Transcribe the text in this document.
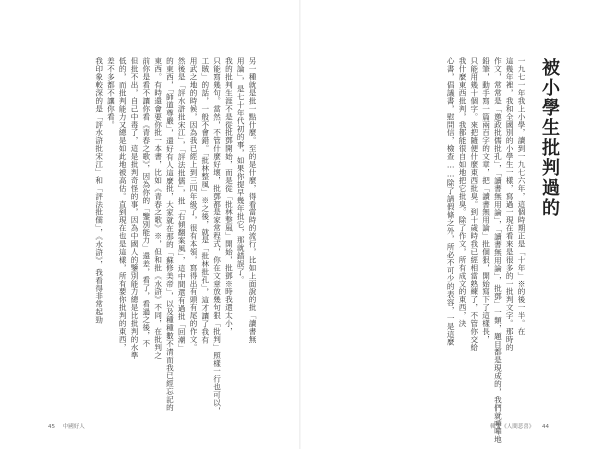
另一種就是批一點什麼。至的是什麼，得看當時的流行，比如上面說的批「讀書無

用論」，是七十年代初的事，如果你提早幾年批它，那就錯誤了。

我的批判生涯不是從批鄧開始，而是從「批林整風」開始，批鄧※時我還太小，

只能寫幾句。當然，不管什麼好壞，批鄧都是家常程式，你在文章放幾句狠「批判」照樣一行也可以，

工賊」的話，一般不會錯。「批林整風」※之後，就是「批林批孔」，這才讓了我有

用武之地的時候，因為我已經上到三四年級了，很有本領，寫得出有頭有尾的作文。

然後是「評水滸批宋江」，「評法批儒」，批「右傾翻案風」，這中間還有過批「回潮」

的東西，「師道尊嚴」，還好有人這麼批，大家就在那的「蘇修美帝」，以及種種數不清而我已經忘記的

東西。有時還會要你批一本書，比如《青春之歌》※，但和批《水滸》不同，在批判之

前你是看不讓你看《青春之歌》，因為你的「鑒別能力」還差，看了，看過之後，不

但批不出，自己中毒了，這是批判奇怪的事，因為中國人的鑒別能力總是比批判的水準

低的，而批判能力又總是如此地被高估。直到現在也是這樣，所有要你批判的東西，

差不多都不讓你看。

我印象較深的是「評水滸批宋江」和「評法批儒」，《水滸》，我看得非常起勁

45 中國好人
被小學生批判過的

一九七一年我上小學，讀到一九七六年，這個時期正是「十年」※的後一半。在

這幾年裡，我和全國別的小學生一樣，寫過一現在看來是很多的一批判文字。那時的

作文，常常是「邀政批儒批孔」，「讀書無用論」，「讀書無用論」，批鄧」一類，題目都是現成的，我們就嘩嘩地

鉛筆，動手寫一篇兩百字的文章，把「讀書無用論」批個狠，開始寫下了這樣長，

只能用幾十個字。來把隨便什麼東西批臭。到十歲時我已經相當熟練了，不管你交給

我什麼東西批判，我都能很自如地把它批臭。除了作文，所有成文的東西，決

心書，倡議書，慰問信，檢查……除了請假條之外，所必不可少的表容，一是這麼

輯壹《人間悲喜》 44
